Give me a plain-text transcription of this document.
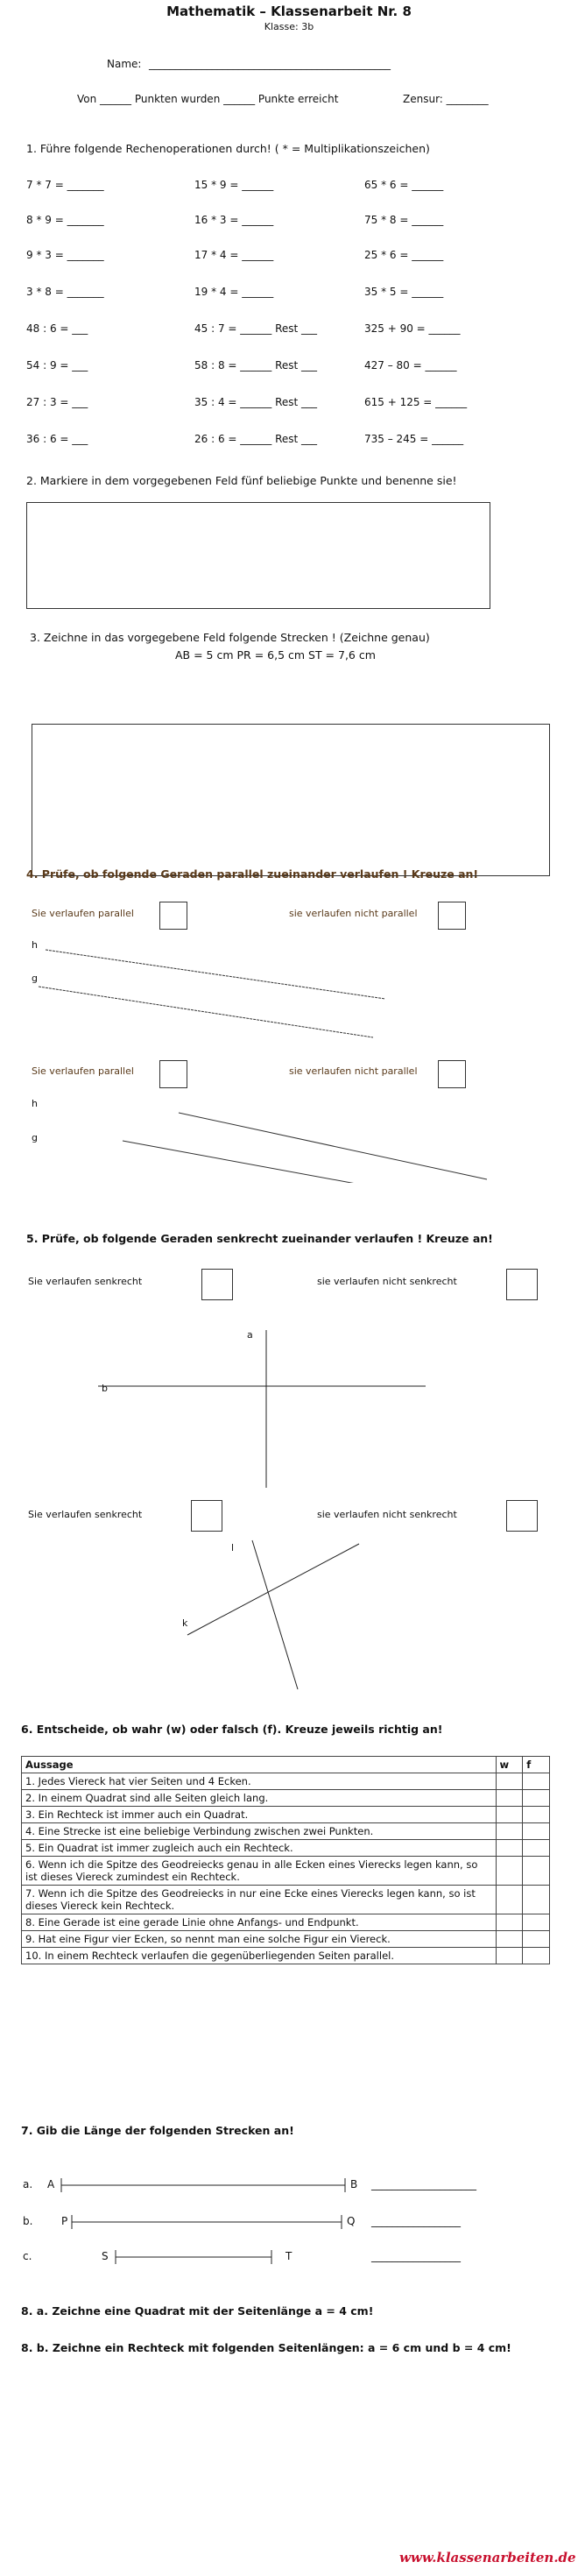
Mathematik – Klassenarbeit Nr. 8
Klasse: 3b
Name: ______________________________________________
Von ______ Punkten wurden ______ Punkte erreicht	Zensur: ________
1. Führe folgende Rechenoperationen durch! ( * = Multiplikationszeichen)
7 * 7 = _______	15 * 9 = ______	65 * 6 = ______
8 * 9 = _______	16 * 3 = ______	75 * 8 = ______
9 * 3 = _______	17 * 4 = ______	25 * 6 = ______
3 * 8 = _______	19 * 4 = ______	35 * 5 = ______
48 : 6 = ___	45 : 7 = ______ Rest ___	325 + 90 = ______
54 : 9 = ___	58 : 8 = ______ Rest ___	427 – 80 = ______
27 : 3 = ___	35 : 4 = ______ Rest ___	615 + 125 = ______
36 : 6 = ___	26 : 6 = ______ Rest ___	735 – 245 = ______
2. Markiere in dem vorgegebenen Feld fünf beliebige Punkte und benenne sie!
3. Zeichne in das vorgegebene Feld folgende Strecken ! (Zeichne genau)
AB = 5 cm PR = 6,5 cm ST = 7,6 cm
4. Prüfe, ob folgende Geraden parallel zueinander verlaufen ! Kreuze an!
Sie verlaufen parallel	sie verlaufen nicht parallel
h
g
Sie verlaufen parallel	sie verlaufen nicht parallel
h
g
5. Prüfe, ob folgende Geraden senkrecht zueinander verlaufen ! Kreuze an!
Sie verlaufen senkrecht	sie verlaufen nicht senkrecht
a
b
Sie verlaufen senkrecht	sie verlaufen nicht senkrecht
l
k
6. Entscheide, ob wahr (w) oder falsch (f). Kreuze jeweils richtig an!
Aussage	w	f
1. Jedes Viereck hat vier Seiten und 4 Ecken.		
2. In einem Quadrat sind alle Seiten gleich lang.		
3. Ein Rechteck ist immer auch ein Quadrat.		
4. Eine Strecke ist eine beliebige Verbindung zwischen zwei Punkten.		
5. Ein Quadrat ist immer zugleich auch ein Rechteck.		
6. Wenn ich die Spitze des Geodreiecks genau in alle Ecken eines Vierecks legen kann, so ist dieses Viereck zumindest ein Rechteck.		
7. Wenn ich die Spitze des Geodreiecks in nur eine Ecke eines Vierecks legen kann, so ist dieses Viereck kein Rechteck.		
8. Eine Gerade ist eine gerade Linie ohne Anfangs- und Endpunkt.		
9. Hat eine Figur vier Ecken, so nennt man eine solche Figur ein Viereck.		
10. In einem Rechteck verlaufen die gegenüberliegenden Seiten parallel.		
7. Gib die Länge der folgenden Strecken an!
a. A	B ____________________
b.	P	Q _________________
c.	S	T	_________________
8. a. Zeichne eine Quadrat mit der Seitenlänge a = 4 cm!
8. b. Zeichne ein Rechteck mit folgenden Seitenlängen: a = 6 cm und b = 4 cm!
www.klassenarbeiten.de
